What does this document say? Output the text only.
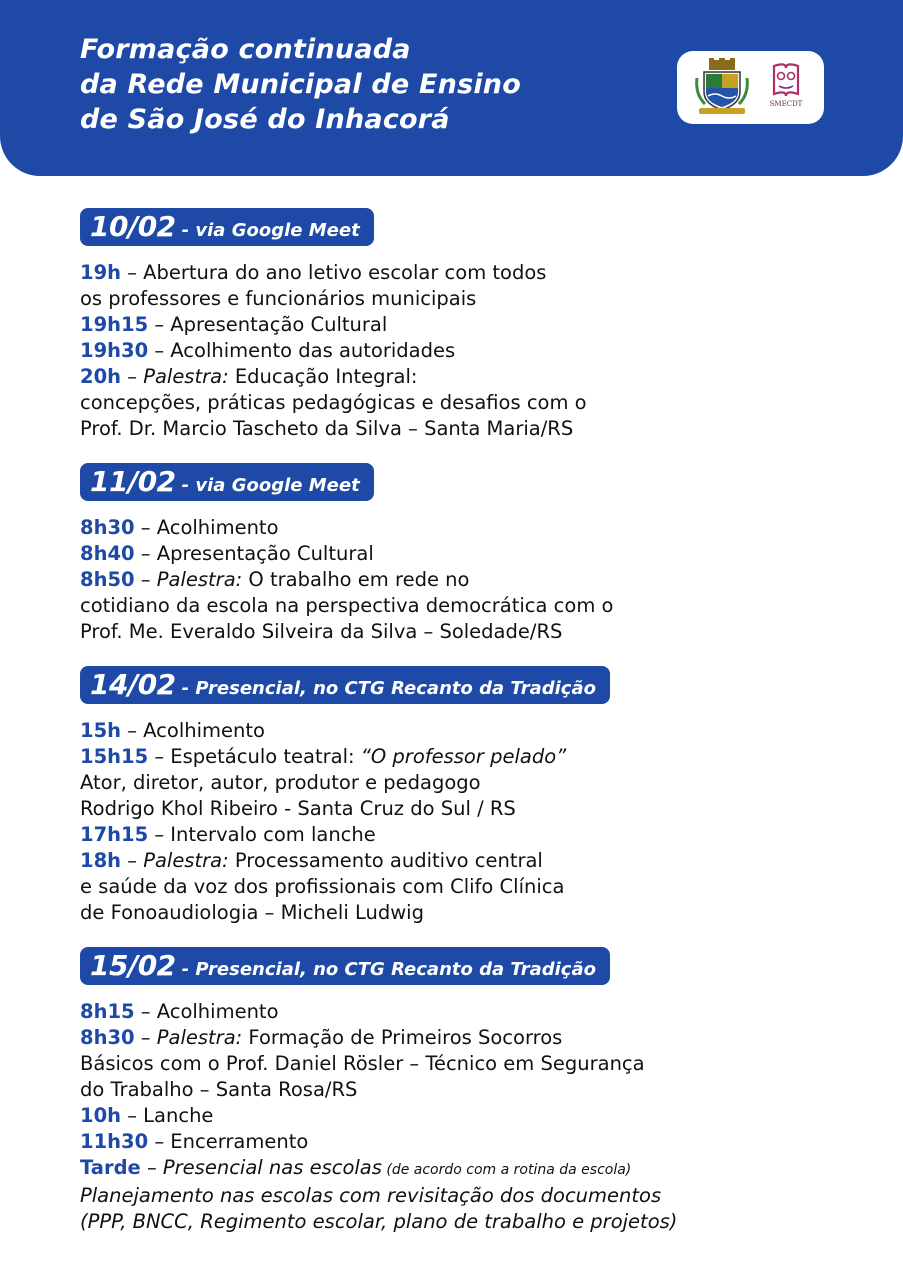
Formação continuada
da Rede Municipal de Ensino
de São José do Inhacorá	SMECDT
10/02 - via Google Meet
19h – Abertura do ano letivo escolar com todos
os professores e funcionários municipais
19h15 – Apresentação Cultural
19h30 – Acolhimento das autoridades
20h – Palestra: Educação Integral:
concepções, práticas pedagógicas e desafios com o
Prof. Dr. Marcio Tascheto da Silva – Santa Maria/RS
11/02 - via Google Meet
8h30 – Acolhimento
8h40 – Apresentação Cultural
8h50 – Palestra: O trabalho em rede no
cotidiano da escola na perspectiva democrática com o
Prof. Me. Everaldo Silveira da Silva – Soledade/RS
14/02 - Presencial, no CTG Recanto da Tradição
15h – Acolhimento
15h15 – Espetáculo teatral: “O professor pelado”
Ator, diretor, autor, produtor e pedagogo
Rodrigo Khol Ribeiro - Santa Cruz do Sul / RS
17h15 – Intervalo com lanche
18h – Palestra: Processamento auditivo central
e saúde da voz dos profissionais com Clifo Clínica
de Fonoaudiologia – Micheli Ludwig
15/02 - Presencial, no CTG Recanto da Tradição
8h15 – Acolhimento
8h30 – Palestra: Formação de Primeiros Socorros
Básicos com o Prof. Daniel Rösler – Técnico em Segurança
do Trabalho – Santa Rosa/RS
10h – Lanche
11h30 – Encerramento
Tarde – Presencial nas escolas (de acordo com a rotina da escola)
Planejamento nas escolas com revisitação dos documentos
(PPP, BNCC, Regimento escolar, plano de trabalho e projetos)
